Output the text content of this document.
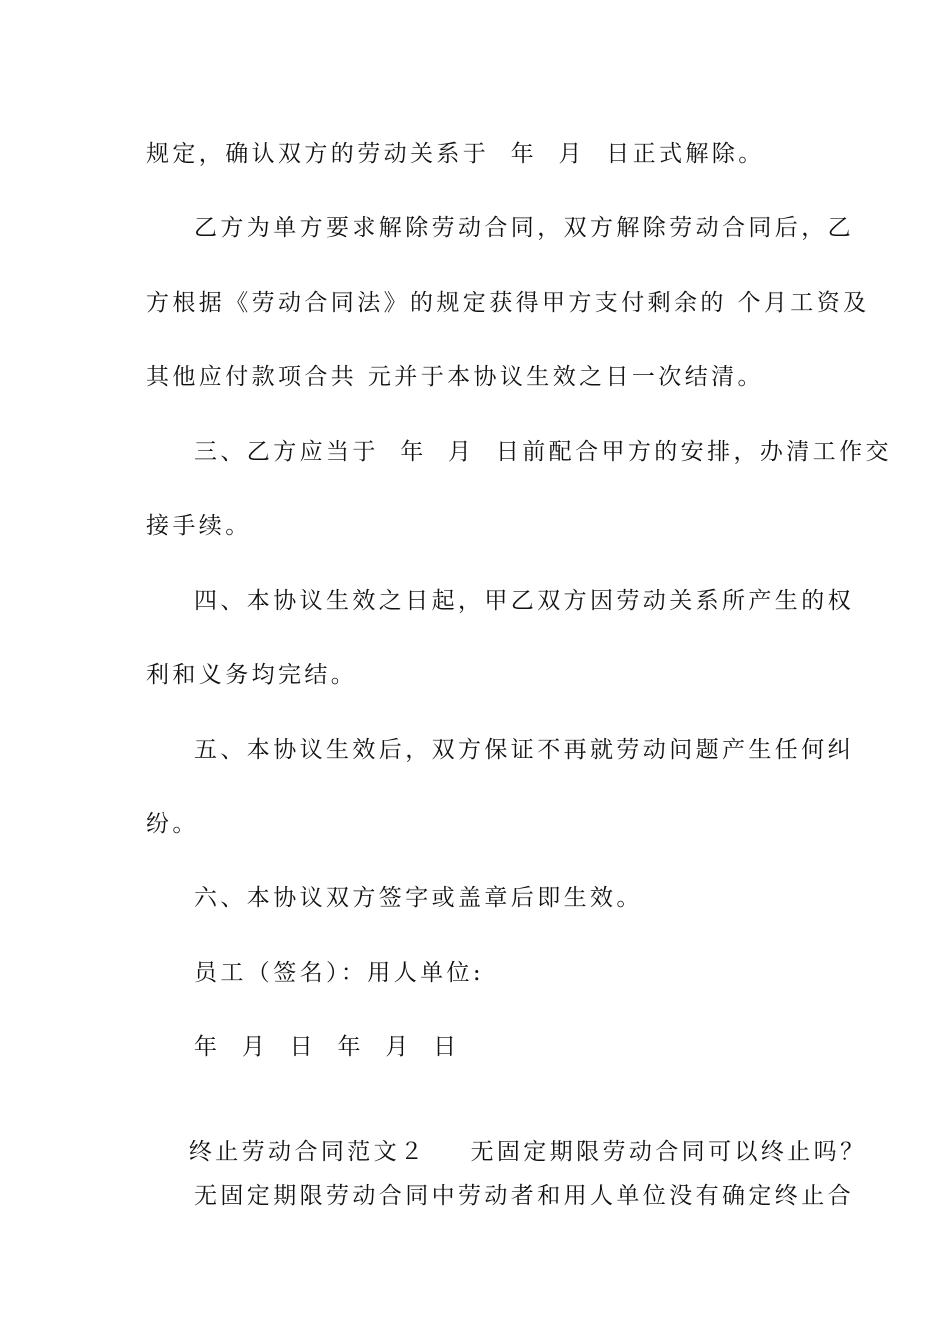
规定，确认双方的劳动关系于  年  月  日正式解除。
乙方为单方要求解除劳动合同，双方解除劳动合同后，乙
方根据《劳动合同法》的规定获得甲方支付剩余的 个月工资及
其他应付款项合共 元并于本协议生效之日一次结清。
三、乙方应当于  年  月  日前配合甲方的安排，办清工作交
接手续。
四、本协议生效之日起，甲乙双方因劳动关系所产生的权
利和义务均完结。
五、本协议生效后，双方保证不再就劳动问题产生任何纠
纷。
六、本协议双方签字或盖章后即生效。
员工（签名）：用人单位:
年  月  日  年  月  日

终止劳动合同范文２ 无固定期限劳动合同可以终止吗？

无固定期限劳动合同中劳动者和用人单位没有确定终止合
